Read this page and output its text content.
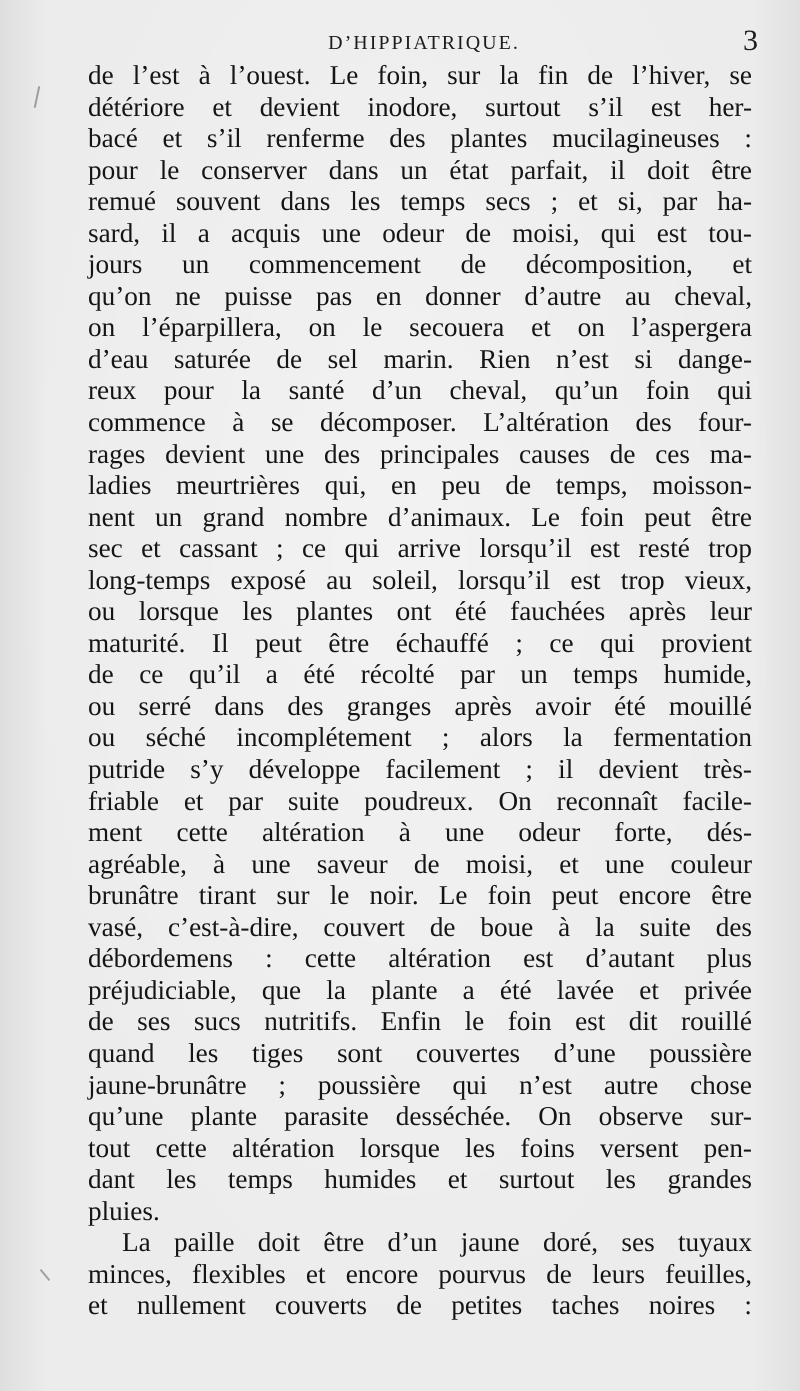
D’HIPPIATRIQUE.	3
de l’est à l’ouest. Le foin, sur la fin de l’hiver, se
détériore et devient inodore, surtout s’il est her-
bacé et s’il renferme des plantes mucilagineuses :
pour le conserver dans un état parfait, il doit être
remué souvent dans les temps secs ; et si, par ha-
sard, il a acquis une odeur de moisi, qui est tou-
jours un commencement de décomposition, et
qu’on ne puisse pas en donner d’autre au cheval,
on l’éparpillera, on le secouera et on l’aspergera
d’eau saturée de sel marin. Rien n’est si dange-
reux pour la santé d’un cheval, qu’un foin qui
commence à se décomposer. L’altération des four-
rages devient une des principales causes de ces ma-
ladies meurtrières qui, en peu de temps, moisson-
nent un grand nombre d’animaux. Le foin peut être
sec et cassant ; ce qui arrive lorsqu’il est resté trop
long-temps exposé au soleil, lorsqu’il est trop vieux,
ou lorsque les plantes ont été fauchées après leur
maturité. Il peut être échauffé ; ce qui provient
de ce qu’il a été récolté par un temps humide,
ou serré dans des granges après avoir été mouillé
ou séché incomplétement ; alors la fermentation
putride s’y développe facilement ; il devient très-
friable et par suite poudreux. On reconnaît facile-
ment cette altération à une odeur forte, dés-
agréable, à une saveur de moisi, et une couleur
brunâtre tirant sur le noir. Le foin peut encore être
vasé, c’est-à-dire, couvert de boue à la suite des
débordemens : cette altération est d’autant plus
préjudiciable, que la plante a été lavée et privée
de ses sucs nutritifs. Enfin le foin est dit rouillé
quand les tiges sont couvertes d’une poussière
jaune-brunâtre ; poussière qui n’est autre chose
qu’une plante parasite desséchée. On observe sur-
tout cette altération lorsque les foins versent pen-
dant les temps humides et surtout les grandes
pluies.
La paille doit être d’un jaune doré, ses tuyaux
minces, flexibles et encore pourvus de leurs feuilles,
et nullement couverts de petites taches noires :
